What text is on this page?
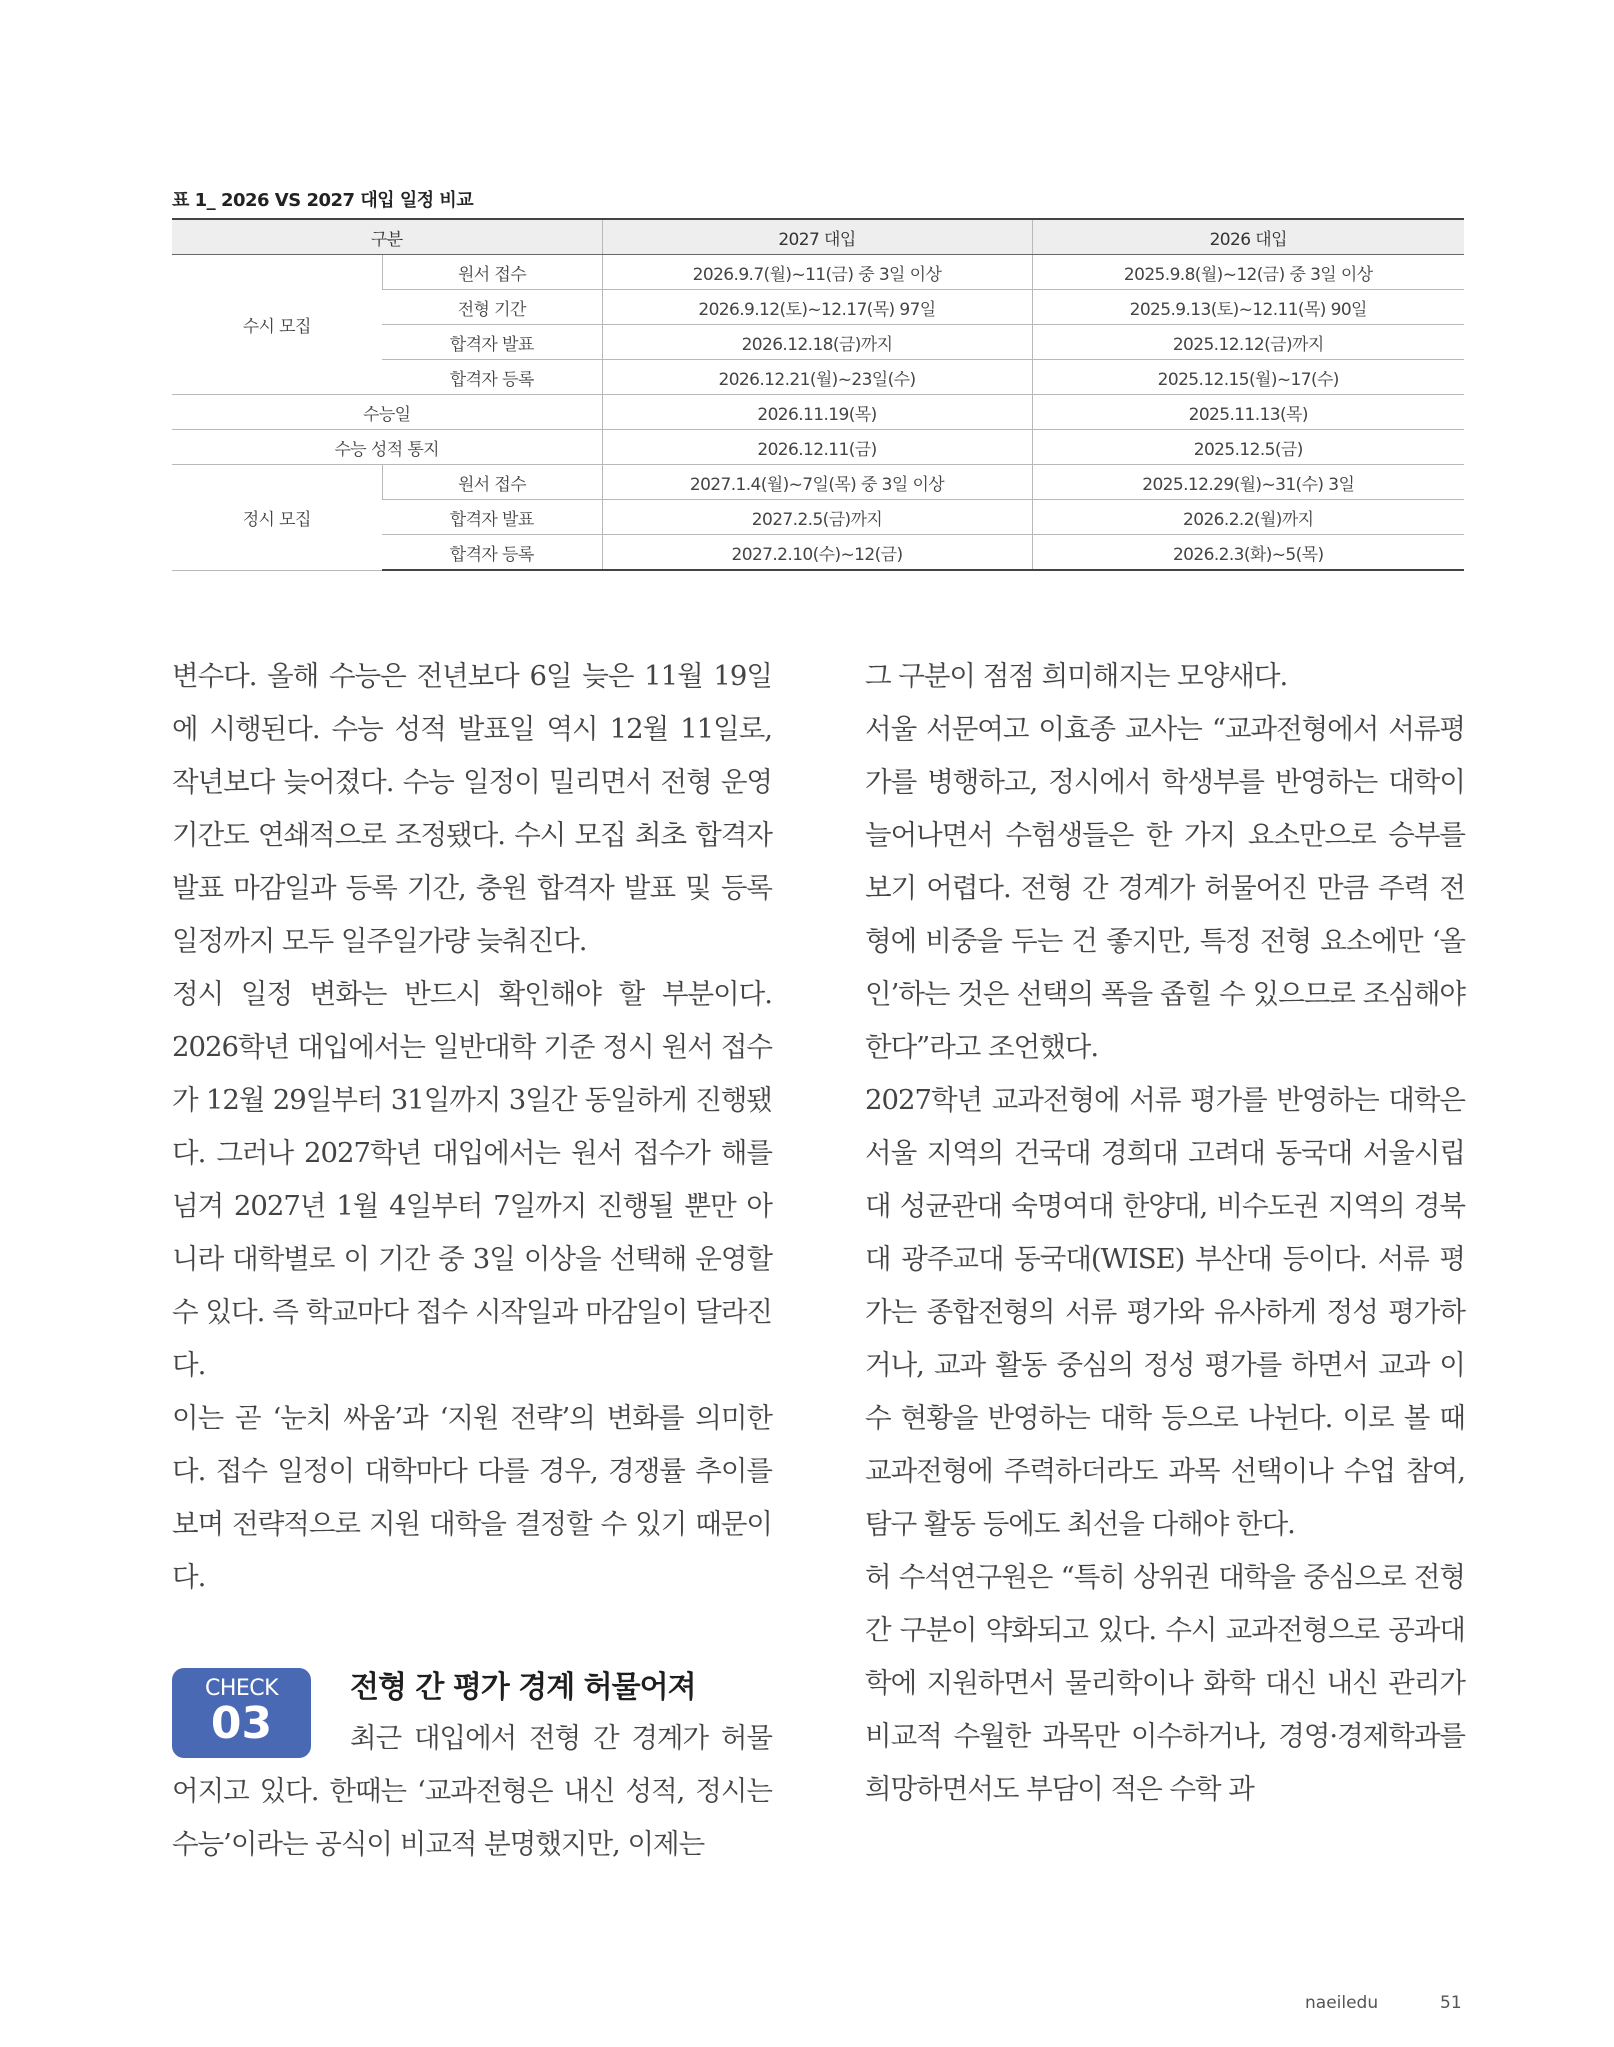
표 1_ 2026 VS 2027 대입 일정 비교
구분		2027 대입	2026 대입
수시 모집	원서 접수	2026.9.7(월)~11(금) 중 3일 이상	2025.9.8(월)~12(금) 중 3일 이상
	전형 기간	2026.9.12(토)~12.17(목) 97일	2025.9.13(토)~12.11(목) 90일
	합격자 발표	2026.12.18(금)까지	2025.12.12(금)까지
	합격자 등록	2026.12.21(월)~23일(수)	2025.12.15(월)~17(수)
수능일		2026.11.19(목)	2025.11.13(목)
수능 성적 통지		2026.12.11(금)	2025.12.5(금)
정시 모집	원서 접수	2027.1.4(월)~7일(목) 중 3일 이상	2025.12.29(월)~31(수) 3일
	합격자 발표	2027.2.5(금)까지	2026.2.2(월)까지
	합격자 등록	2027.2.10(수)~12(금)	2026.2.3(화)~5(목)

변수다. 올해 수능은 전년보다 6일 늦은 11월 19일에 시행된다. 수능 성적 발표일 역시 12월 11일로, 작년보다 늦어졌다. 수능 일정이 밀리면서 전형 운영 기간도 연쇄적으로 조정됐다. 수시 모집 최초 합격자 발표 마감일과 등록 기간, 충원 합격자 발표 및 등록 일정까지 모두 일주일가량 늦춰진다.

정시 일정 변화는 반드시 확인해야 할 부분이다. 2026학년 대입에서는 일반대학 기준 정시 원서 접수가 12월 29일부터 31일까지 3일간 동일하게 진행됐다. 그러나 2027학년 대입에서는 원서 접수가 해를 넘겨 2027년 1월 4일부터 7일까지 진행될 뿐만 아니라 대학별로 이 기간 중 3일 이상을 선택해 운영할 수 있다. 즉 학교마다 접수 시작일과 마감일이 달라진다.

이는 곧 ‘눈치 싸움’과 ‘지원 전략’의 변화를 의미한다. 접수 일정이 대학마다 다를 경우, 경쟁률 추이를 보며 전략적으로 지원 대학을 결정할 수 있기 때문이다.

CHECK
03
전형 간 평가 경계 허물어져

최근 대입에서 전형 간 경계가 허물어지고 있다. 한때는 ‘교과전형은 내신 성적, 정시는 수능’이라는 공식이 비교적 분명했지만, 이제는

그 구분이 점점 희미해지는 모양새다.

서울 서문여고 이효종 교사는 “교과전형에서 서류평가를 병행하고, 정시에서 학생부를 반영하는 대학이 늘어나면서 수험생들은 한 가지 요소만으로 승부를 보기 어렵다. 전형 간 경계가 허물어진 만큼 주력 전형에 비중을 두는 건 좋지만, 특정 전형 요소에만 ‘올인’하는 것은 선택의 폭을 좁힐 수 있으므로 조심해야 한다”라고 조언했다.

2027학년 교과전형에 서류 평가를 반영하는 대학은 서울 지역의 건국대 경희대 고려대 동국대 서울시립대 성균관대 숙명여대 한양대, 비수도권 지역의 경북대 광주교대 동국대(WISE) 부산대 등이다. 서류 평가는 종합전형의 서류 평가와 유사하게 정성 평가하거나, 교과 활동 중심의 정성 평가를 하면서 교과 이수 현황을 반영하는 대학 등으로 나뉜다. 이로 볼 때 교과전형에 주력하더라도 과목 선택이나 수업 참여, 탐구 활동 등에도 최선을 다해야 한다.

허 수석연구원은 “특히 상위권 대학을 중심으로 전형 간 구분이 약화되고 있다. 수시 교과전형으로 공과대학에 지원하면서 물리학이나 화학 대신 내신 관리가 비교적 수월한 과목만 이수하거나, 경영·경제학과를 희망하면서도 부담이 적은 수학 과

naeiledu	51
